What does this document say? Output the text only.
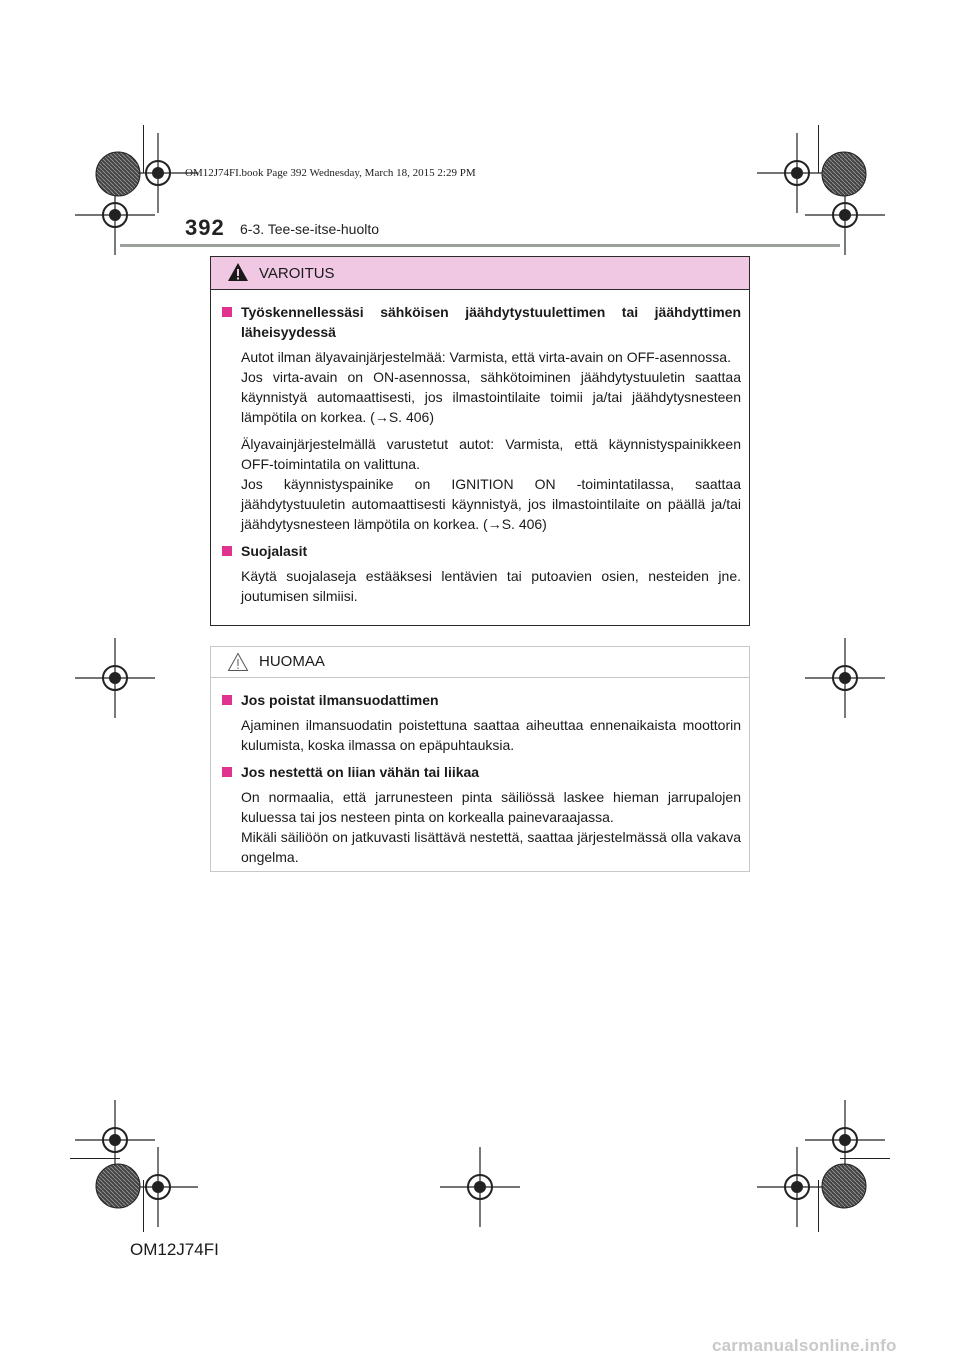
OM12J74FI.book Page 392 Wednesday, March 18, 2015 2:29 PM
392 6-3. Tee-se-itse-huolto
VAROITUS
Työskennellessäsi sähköisen jäähdytystuulettimen tai jäähdyttimen läheisyydessä
Autot ilman älyavainjärjestelmää: Varmista, että virta-avain on OFF-asennossa.
Jos virta-avain on ON-asennossa, sähkötoiminen jäähdytystuuletin saattaa käynnistyä automaattisesti, jos ilmastointilaite toimii ja/tai jäähdytysnesteen lämpötila on korkea. (→S. 406)
Älyavainjärjestelmällä varustetut autot: Varmista, että käynnistyspainikkeen OFF-toimintatila on valittuna.
Jos käynnistyspainike on IGNITION ON -toimintatilassa, saattaa jäähdytystuuletin automaattisesti käynnistyä, jos ilmastointilaite on päällä ja/tai jäähdytysnesteen lämpötila on korkea. (→S. 406)
Suojalasit
Käytä suojalaseja estääksesi lentävien tai putoavien osien, nesteiden jne. joutumisen silmiisi.
HUOMAA
Jos poistat ilmansuodattimen
Ajaminen ilmansuodatin poistettuna saattaa aiheuttaa ennenaikaista moottorin kulumista, koska ilmassa on epäpuhtauksia.
Jos nestettä on liian vähän tai liikaa
On normaalia, että jarrunesteen pinta säiliössä laskee hieman jarrupalojen kuluessa tai jos nesteen pinta on korkealla painevaraajassa.
Mikäli säiliöön on jatkuvasti lisättävä nestettä, saattaa järjestelmässä olla vakava ongelma.
OM12J74FI
carmanualsonline.info
